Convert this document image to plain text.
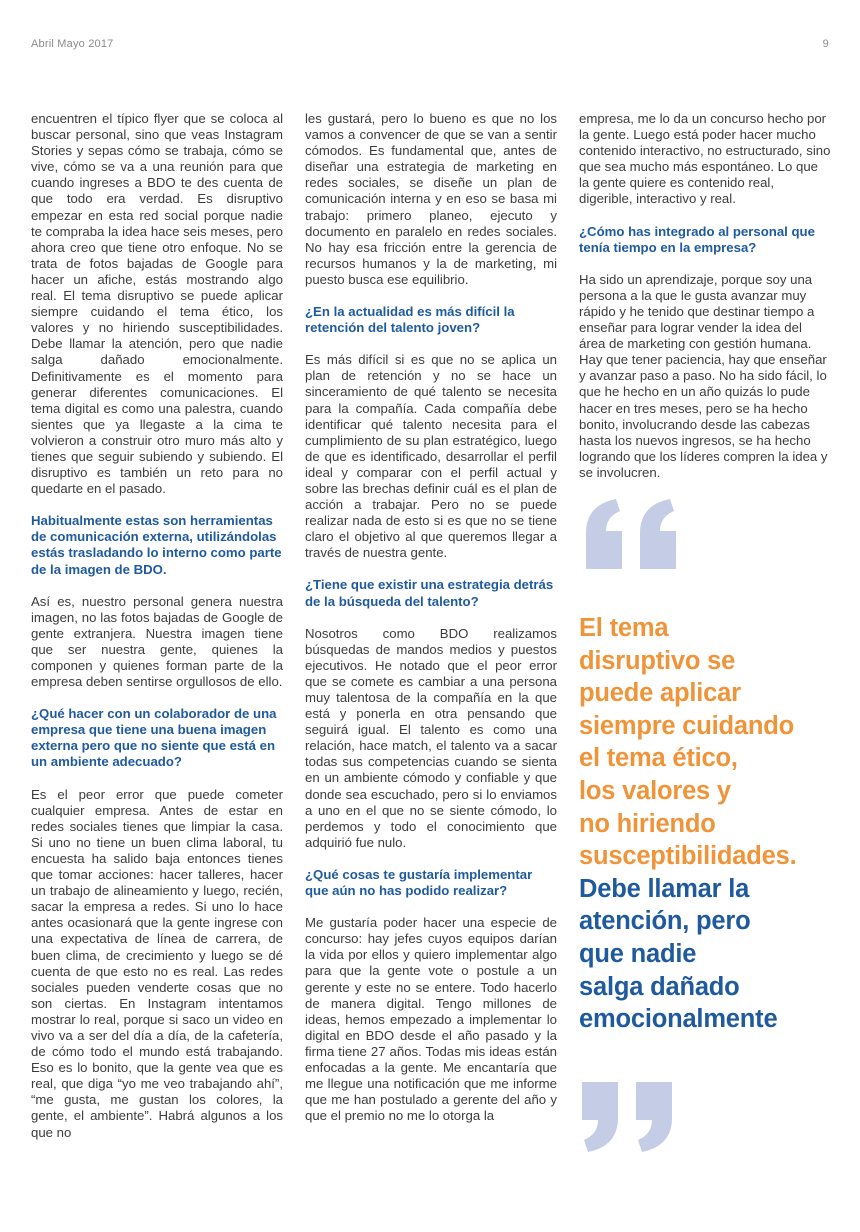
Abril Mayo 2017	9

encuentren el típico flyer que se coloca al buscar personal, sino que veas Instagram Stories y sepas cómo se trabaja, cómo se vive, cómo se va a una reunión para que cuando ingreses a BDO te des cuenta de que todo era verdad. Es disruptivo empezar en esta red social porque nadie te compraba la idea hace seis meses, pero ahora creo que tiene otro enfoque. No se trata de fotos bajadas de Google para hacer un afiche, estás mostrando algo real. El tema disruptivo se puede aplicar siempre cuidando el tema ético, los valores y no hiriendo susceptibilidades. Debe llamar la atención, pero que nadie salga dañado emocionalmente. Definitivamente es el momento para generar diferentes comunicaciones. El tema digital es como una palestra, cuando sientes que ya llegaste a la cima te volvieron a construir otro muro más alto y tienes que seguir subiendo y subiendo. El disruptivo es también un reto para no quedarte en el pasado.

Habitualmente estas son herramientas de comunicación externa, utilizándolas estás trasladando lo interno como parte de la imagen de BDO.

Así es, nuestro personal genera nuestra imagen, no las fotos bajadas de Google de gente extranjera. Nuestra imagen tiene que ser nuestra gente, quienes la componen y quienes forman parte de la empresa deben sentirse orgullosos de ello.

¿Qué hacer con un colaborador de una empresa que tiene una buena imagen externa pero que no siente que está en un ambiente adecuado?

Es el peor error que puede cometer cualquier empresa. Antes de estar en redes sociales tienes que limpiar la casa. Si uno no tiene un buen clima laboral, tu encuesta ha salido baja entonces tienes que tomar acciones: hacer talleres, hacer un trabajo de alineamiento y luego, recién, sacar la empresa a redes. Si uno lo hace antes ocasionará que la gente ingrese con una expectativa de línea de carrera, de buen clima, de crecimiento y luego se dé cuenta de que esto no es real. Las redes sociales pueden venderte cosas que no son ciertas. En Instagram intentamos mostrar lo real, porque si saco un video en vivo va a ser del día a día, de la cafetería, de cómo todo el mundo está trabajando. Eso es lo bonito, que la gente vea que es real, que diga “yo me veo trabajando ahí”, “me gusta, me gustan los colores, la gente, el ambiente”. Habrá algunos a los que no

les gustará, pero lo bueno es que no los vamos a convencer de que se van a sentir cómodos. Es fundamental que, antes de diseñar una estrategia de marketing en redes sociales, se diseñe un plan de comunicación interna y en eso se basa mi trabajo: primero planeo, ejecuto y documento en paralelo en redes sociales. No hay esa fricción entre la gerencia de recursos humanos y la de marketing, mi puesto busca ese equilibrio.

¿En la actualidad es más difícil la retención del talento joven?

Es más difícil si es que no se aplica un plan de retención y no se hace un sinceramiento de qué talento se necesita para la compañía. Cada compañía debe identificar qué talento necesita para el cumplimiento de su plan estratégico, luego de que es identificado, desarrollar el perfil ideal y comparar con el perfil actual y sobre las brechas definir cuál es el plan de acción a trabajar. Pero no se puede realizar nada de esto si es que no se tiene claro el objetivo al que queremos llegar a través de nuestra gente.

¿Tiene que existir una estrategia detrás de la búsqueda del talento?

Nosotros como BDO realizamos búsquedas de mandos medios y puestos ejecutivos. He notado que el peor error que se comete es cambiar a una persona muy talentosa de la compañía en la que está y ponerla en otra pensando que seguirá igual. El talento es como una relación, hace match, el talento va a sacar todas sus competencias cuando se sienta en un ambiente cómodo y confiable y que donde sea escuchado, pero si lo enviamos a uno en el que no se siente cómodo, lo perdemos y todo el conocimiento que adquirió fue nulo.

¿Qué cosas te gustaría implementar que aún no has podido realizar?

Me gustaría poder hacer una especie de concurso: hay jefes cuyos equipos darían la vida por ellos y quiero implementar algo para que la gente vote o postule a un gerente y este no se entere. Todo hacerlo de manera digital. Tengo millones de ideas, hemos empezado a implementar lo digital en BDO desde el año pasado y la firma tiene 27 años. Todas mis ideas están enfocadas a la gente. Me encantaría que me llegue una notificación que me informe que me han postulado a gerente del año y que el premio no me lo otorga la

empresa, me lo da un concurso hecho por la gente. Luego está poder hacer mucho contenido interactivo, no estructurado, sino que sea mucho más espontáneo. Lo que la gente quiere es contenido real, digerible, interactivo y real.

¿Cómo has integrado al personal que tenía tiempo en la empresa?

Ha sido un aprendizaje, porque soy una persona a la que le gusta avanzar muy rápido y he tenido que destinar tiempo a enseñar para lograr vender la idea del área de marketing con gestión humana. Hay que tener paciencia, hay que enseñar y avanzar paso a paso. No ha sido fácil, lo que he hecho en un año quizás lo pude hacer en tres meses, pero se ha hecho bonito, involucrando desde las cabezas hasta los nuevos ingresos, se ha hecho logrando que los líderes compren la idea y se involucren.

El tema
disruptivo se
puede aplicar
siempre cuidando
el tema ético,
los valores y
no hiriendo
susceptibilidades.
Debe llamar la
atención, pero
que nadie
salga dañado
emocionalmente
